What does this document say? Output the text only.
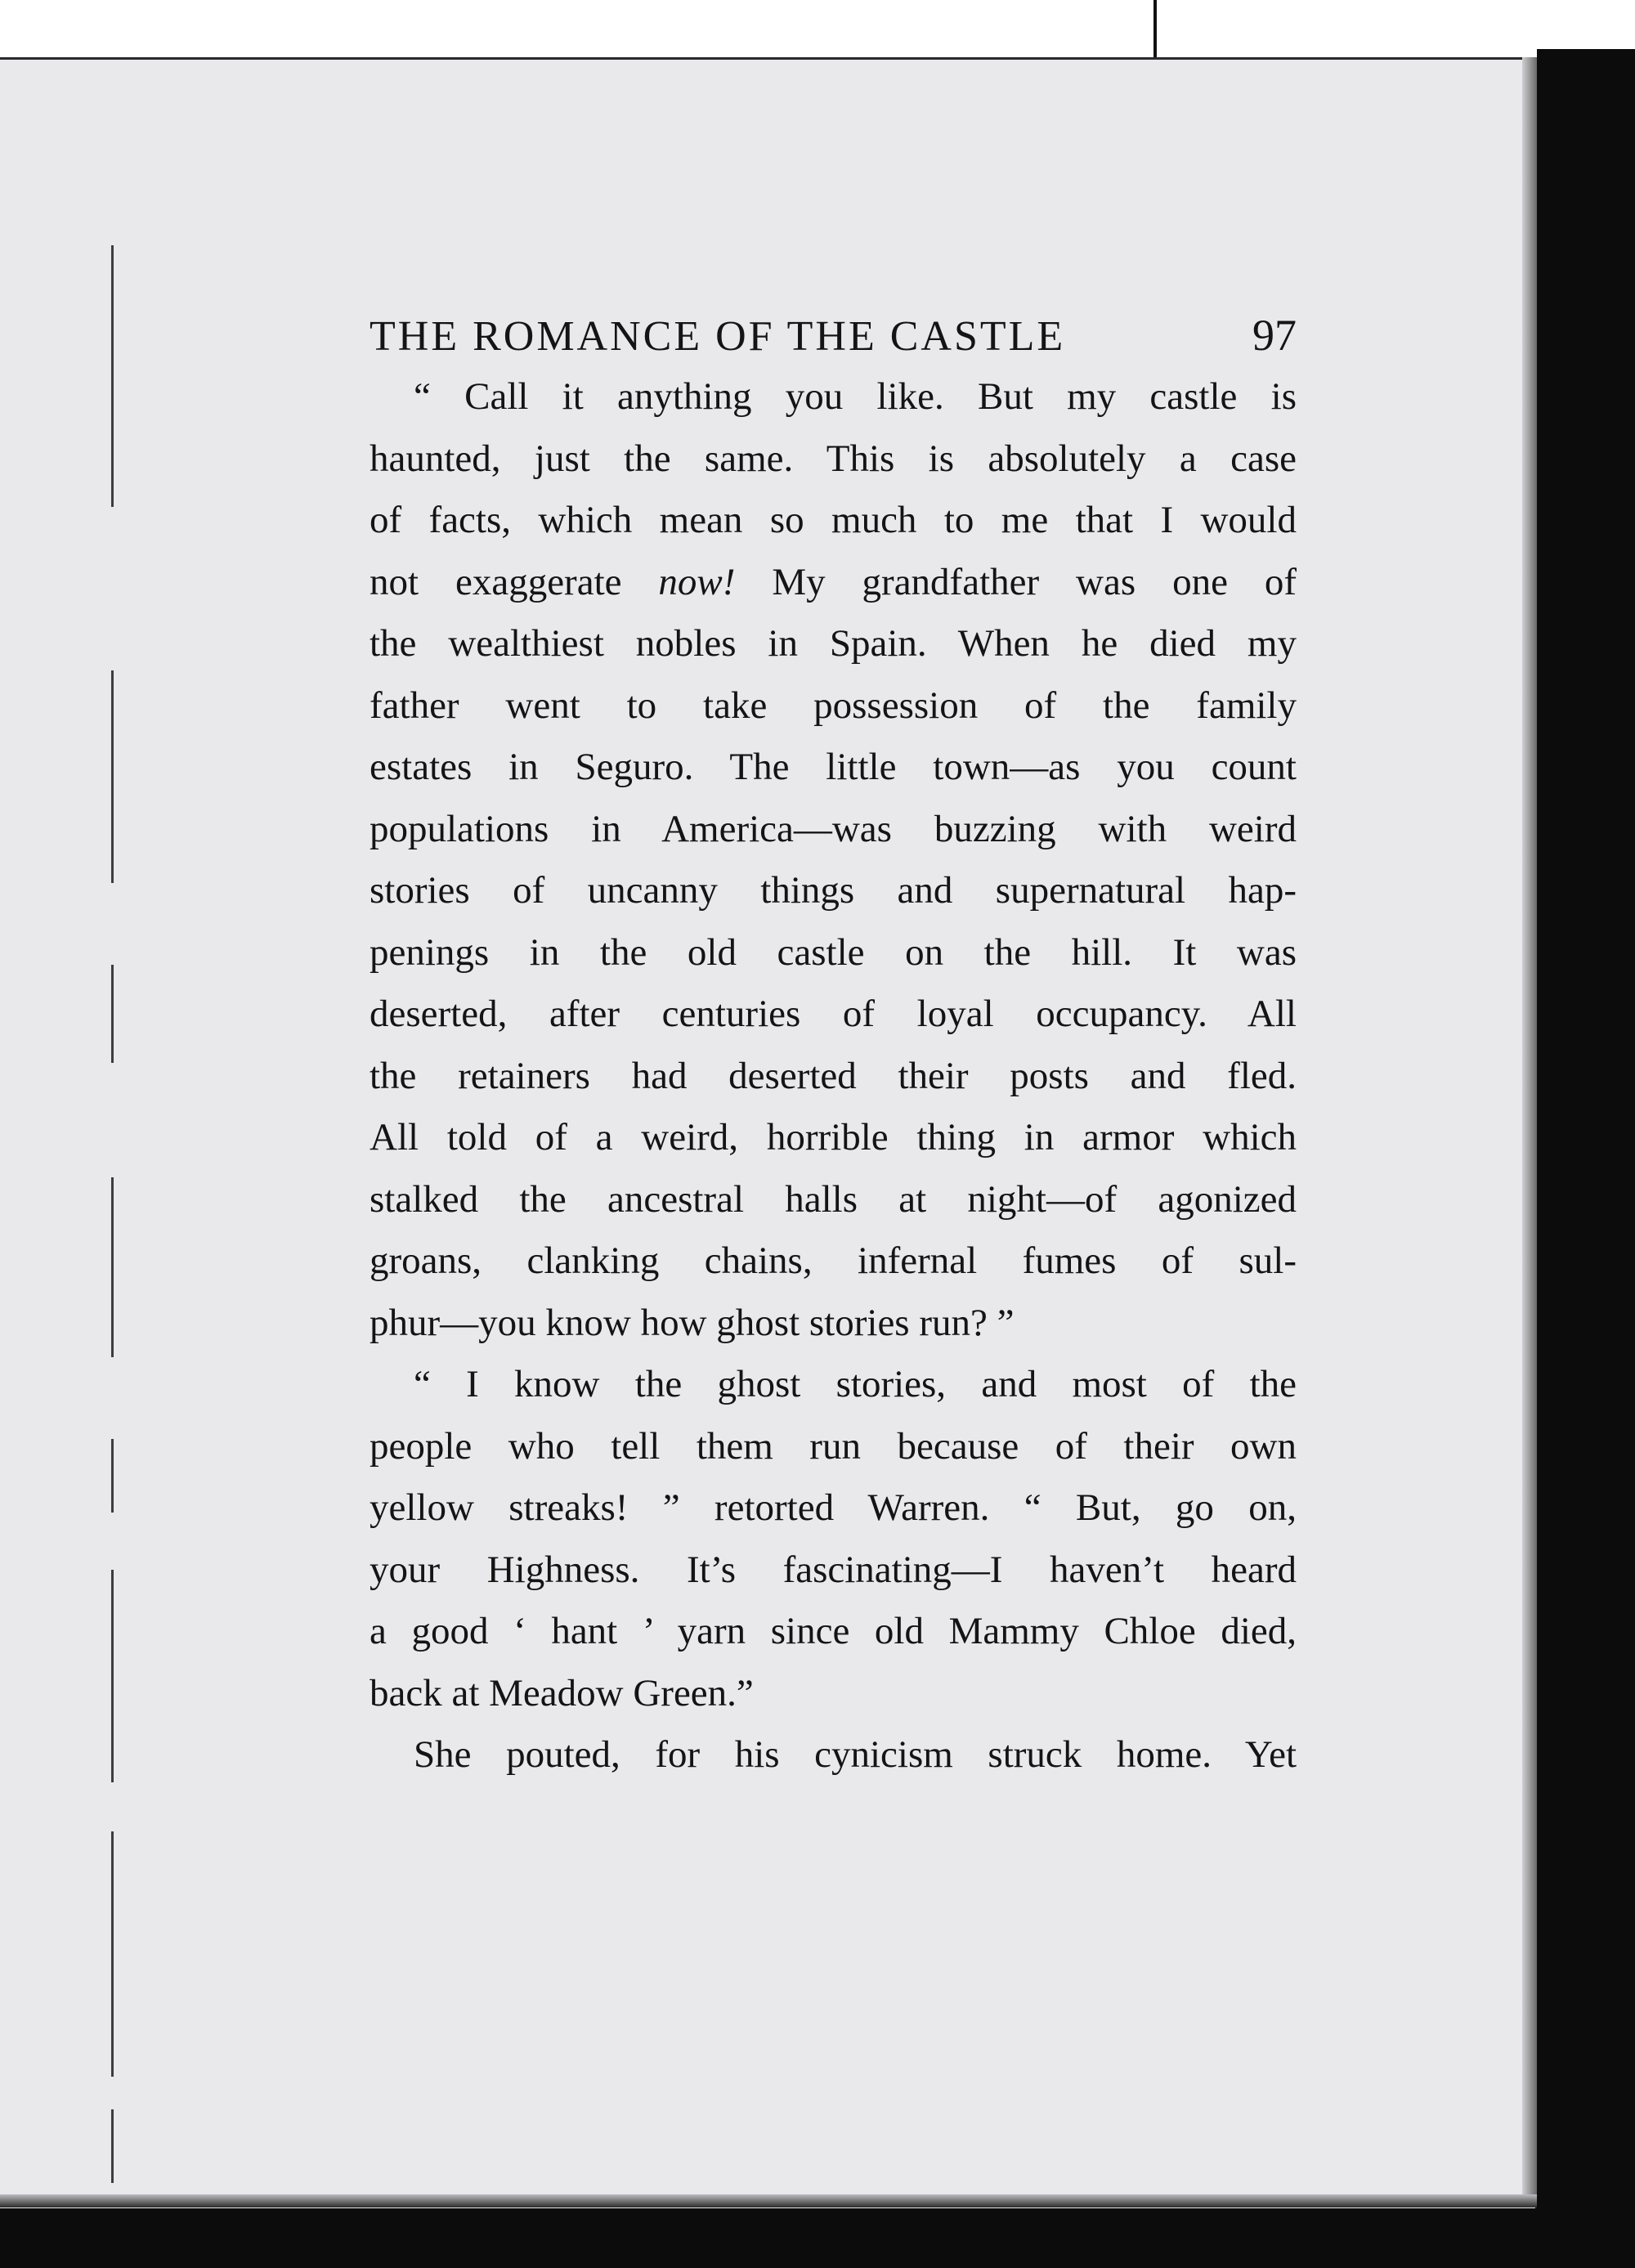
THE ROMANCE OF THE CASTLE	97
“ Call it anything you like. But my castle is
haunted, just the same. This is absolutely a case
of facts, which mean so much to me that I would
not exaggerate now! My grandfather was one of
the wealthiest nobles in Spain. When he died my
father went to take possession of the family
estates in Seguro. The little town—as you count
populations in America—was buzzing with weird
stories of uncanny things and supernatural hap-
penings in the old castle on the hill. It was
deserted, after centuries of loyal occupancy. All
the retainers had deserted their posts and fled.
All told of a weird, horrible thing in armor which
stalked the ancestral halls at night—of agonized
groans, clanking chains, infernal fumes of sul-
phur—you know how ghost stories run? ”
“ I know the ghost stories, and most of the
people who tell them run because of their own
yellow streaks! ” retorted Warren. “ But, go on,
your Highness. It’s fascinating—I haven’t heard
a good ‘ hant ’ yarn since old Mammy Chloe died,
back at Meadow Green.”
She pouted, for his cynicism struck home. Yet
